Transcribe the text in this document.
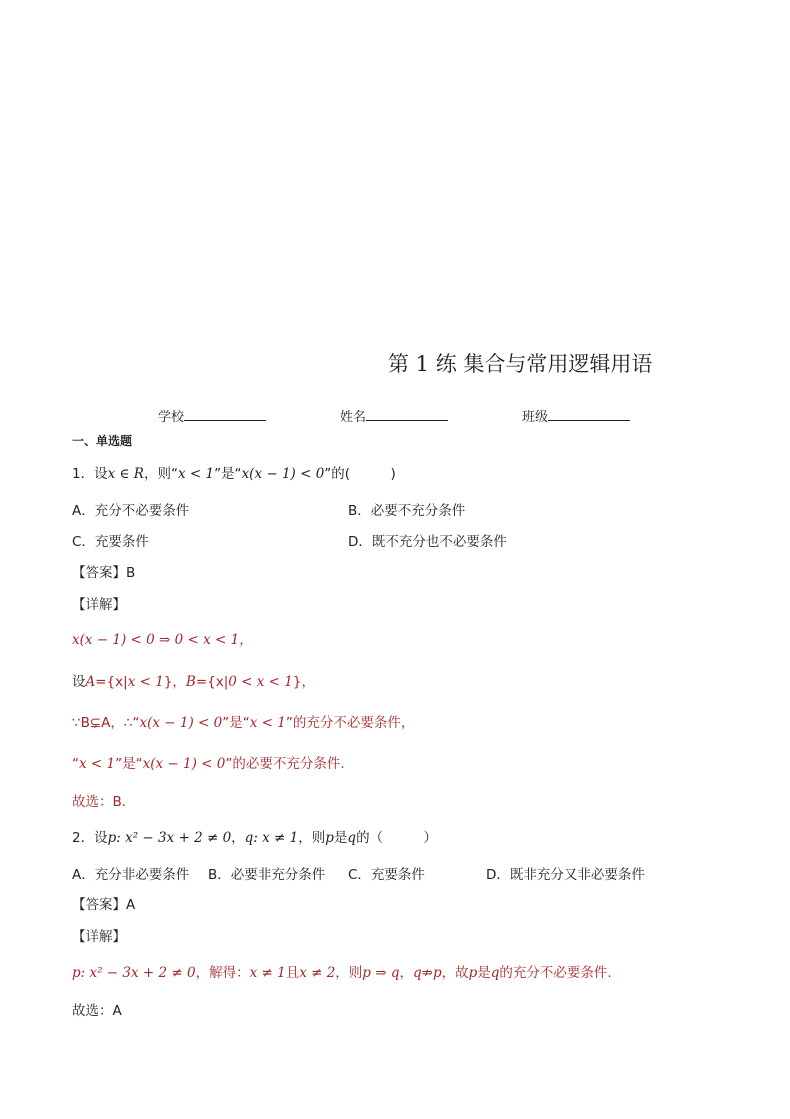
第 1 练 集合与常用逻辑用语
学校	姓名	班级
一、单选题
1．设x ∈ R，则“x < 1”是“x(x − 1) < 0”的(　　　)
A．充分不必要条件	B．必要不充分条件
C．充要条件	D．既不充分也不必要条件
【答案】B
【详解】
x(x − 1) < 0 ⇒ 0 < x < 1，
设A={x|x < 1}，B={x|0 < x < 1}，
∵B⊊A，∴“x(x − 1) < 0”是“x < 1”的充分不必要条件，
“x < 1”是“x(x − 1) < 0”的必要不充分条件.
故选：B.
2．设p: x² − 3x + 2 ≠ 0，q: x ≠ 1，则p是q的（　　　）
A．充分非必要条件 B．必要非充分条件 C．充要条件	D．既非充分又非必要条件
【答案】A
【详解】
p: x² − 3x + 2 ≠ 0，解得：x ≠ 1且x ≠ 2，则p ⇒ q，q⇏p，故p是q的充分不必要条件.
故选：A
